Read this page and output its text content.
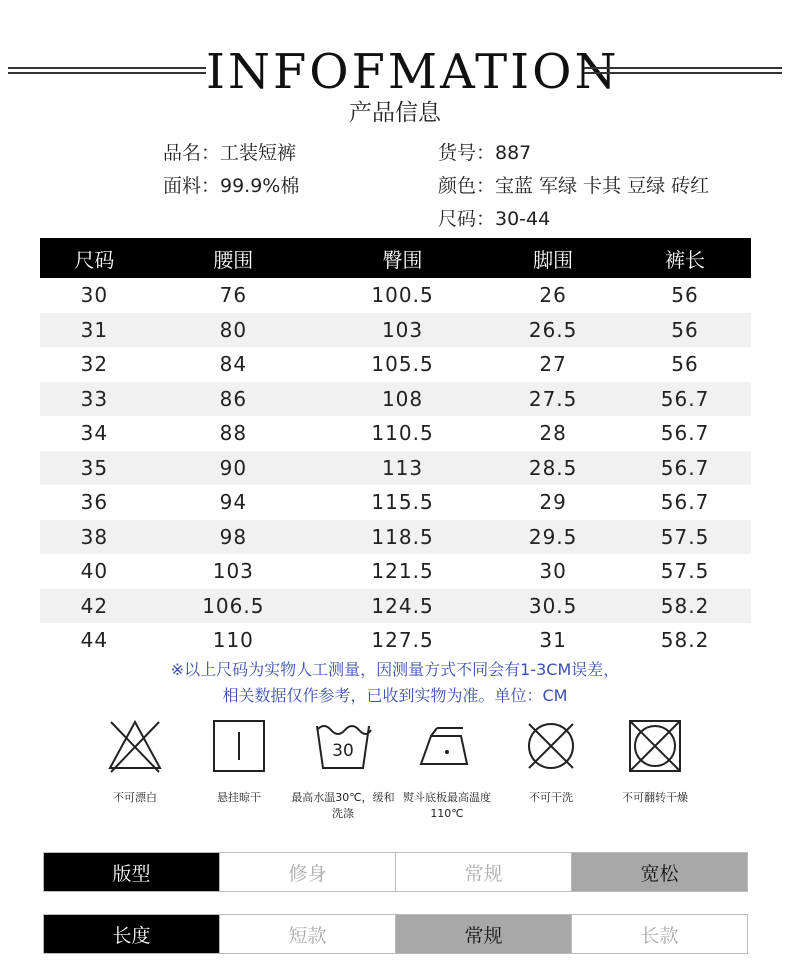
INFOFMATION
产品信息
品名：工装短裤
面料：99.9%棉
货号：887
颜色：宝蓝 军绿 卡其 豆绿 砖红
尺码：30-44
尺码	腰围	臀围	脚围	裤长
30	76	100.5	26	56
31	80	103	26.5	56
32	84	105.5	27	56
33	86	108	27.5	56.7
34	88	110.5	28	56.7
35	90	113	28.5	56.7
36	94	115.5	29	56.7
38	98	118.5	29.5	57.5
40	103	121.5	30	57.5
42	106.5	124.5	30.5	58.2
44	110	127.5	31	58.2
※以上尺码为实物人工测量，因测量方式不同会有1-3CM误差，
相关数据仅作参考，已收到实物为准。单位：CM
不可漂白	悬挂晾干
30
最高水温30℃，缓和洗涤
熨斗底板最高温度110℃
不可干洗	不可翻转干燥
版型	修身	常规	宽松
长度	短款	常规	长款
